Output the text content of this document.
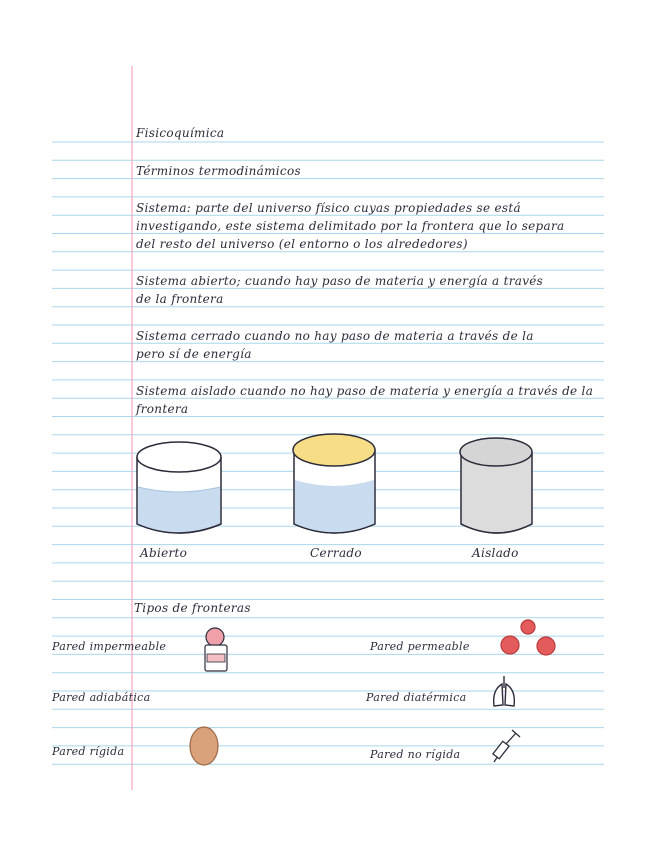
Fisicoquímica
Términos termodinámicos
Sistema: parte del universo físico cuyas propiedades se está
investigando, este sistema delimitado por la frontera que lo separa
del resto del universo (el entorno o los alrededores)
Sistema abierto; cuando hay paso de materia y energía a través
de la frontera
Sistema cerrado cuando no hay paso de materia a través de la
pero sí de energía
Sistema aislado cuando no hay paso de materia y energía a través de la
frontera
Abierto	Cerrado	Aislado
Tipos de fronteras
Pared impermeable
Pared adiabática
Pared rígida
Pared permeable
Pared diatérmica
Pared no rígida
